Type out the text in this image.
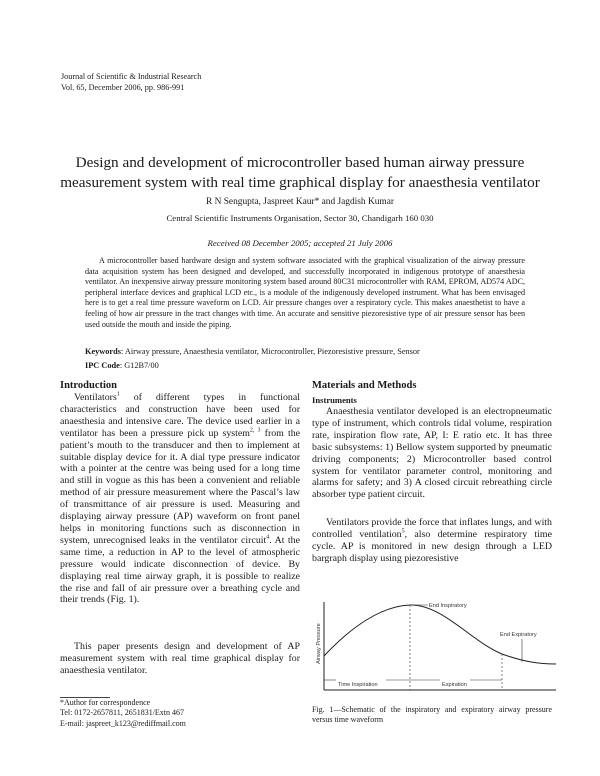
Journal of Scientific & Industrial Research
Vol. 65, December 2006, pp. 986-991
Design and development of microcontroller based human airway pressure
measurement system with real time graphical display for anaesthesia ventilator
R N Sengupta, Jaspreet Kaur* and Jagdish Kumar
Central Scientific Instruments Organisation, Sector 30, Chandigarh 160 030
Received 08 December 2005; accepted 21 July 2006
A microcontroller based hardware design and system software associated with the graphical visualization of the airway pressure data acquisition system has been designed and developed, and successfully incorporated in indigenous prototype of anaesthesia ventilator. An inexpensive airway pressure monitoring system based around 80C31 microcontroller with RAM, EPROM, AD574 ADC, peripheral interface devices and graphical LCD etc., is a module of the indigenously developed instrument. What has been envisaged here is to get a real time pressure waveform on LCD. Air pressure changes over a respiratory cycle. This makes anaesthetist to have a feeling of how air pressure in the tract changes with time. An accurate and sensitive piezoresistive type of air pressure sensor has been used outside the mouth and inside the piping.
Keywords: Airway pressure, Anaesthesia ventilator, Microcontroller, Piezoresistive pressure, Sensor
IPC Code: G12B7/00
Introduction

Ventilators$^1$ of different types in functional characteristics and construction have been used for anaesthesia and intensive care. The device used earlier in a ventilator has been a pressure pick up system$^{2, 3}$ from the patient’s mouth to the transducer and then to implement at suitable display device for it. A dial type pressure indicator with a pointer at the centre was being used for a long time and still in vogue as this has been a convenient and reliable method of air pressure measurement where the Pascal’s law of transmittance of air pressure is used. Measuring and displaying airway pressure (AP) waveform on front panel helps in monitoring functions such as disconnection in system, unrecognised leaks in the ventilator circuit$^4$. At the same time, a reduction in AP to the level of atmospheric pressure would indicate disconnection of device. By displaying real time airway graph, it is possible to realize the rise and fall of air pressure over a breathing cycle and their trends (Fig. 1).

This paper presents design and development of AP measurement system with real time graphical display for anaesthesia ventilator.

Materials and Methods
Instruments

Anaesthesia ventilator developed is an electropneumatic type of instrument, which controls tidal volume, respiration rate, inspiration flow rate, AP, I: E ratio etc. It has three basic subsystems: 1) Bellow system supported by pneumatic driving components; 2) Microcontroller based control system for ventilator parameter control, monitoring and alarms for safety; and 3) A closed circuit rebreathing circle absorber type patient circuit.

Ventilators provide the force that inflates lungs, and with controlled ventilation$^5$, also determine respiratory time cycle. AP is monitored in new design through a LED bargraph display using piezoresistive

Airway Pressure
End Inspiratory
End Expiratory
Time Inspiration	Expiration
Fig. 1—Schematic of the inspiratory and expiratory airway pressure versus time waveform
*Author for correspondence
Tel: 0172-2657811, 2651831/Extn 467
E-mail: jaspreet_k123@rediffmail.com
